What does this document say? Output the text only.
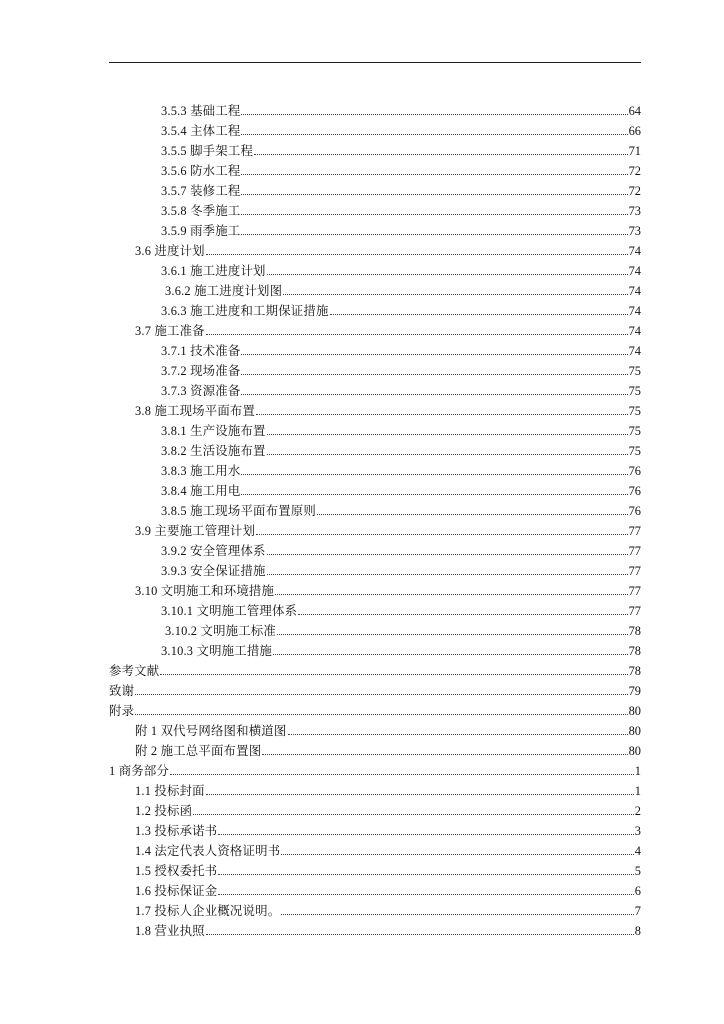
3.5.3 基础工程	64
3.5.4 主体工程	66
3.5.5 脚手架工程	71
3.5.6 防水工程	72
3.5.7 装修工程	72
3.5.8 冬季施工	73
3.5.9 雨季施工	73
3.6 进度计划	74
3.6.1 施工进度计划	74
3.6.2 施工进度计划图	74
3.6.3 施工进度和工期保证措施	74
3.7 施工准备	74
3.7.1 技术准备	74
3.7.2 现场准备	75
3.7.3 资源准备	75
3.8 施工现场平面布置	75
3.8.1 生产设施布置	75
3.8.2 生活设施布置	75
3.8.3 施工用水	76
3.8.4 施工用电	76
3.8.5 施工现场平面布置原则	76
3.9 主要施工管理计划	77
3.9.2 安全管理体系	77
3.9.3 安全保证措施	77
3.10 文明施工和环境措施	77
3.10.1 文明施工管理体系	77
3.10.2 文明施工标准	78
3.10.3 文明施工措施	78
参考文献	78
致谢	79
附录	80
附 1 双代号网络图和横道图	80
附 2 施工总平面布置图	80
1 商务部分	1
1.1 投标封面	1
1.2 投标函	2
1.3 投标承诺书	3
1.4 法定代表人资格证明书	4
1.5 授权委托书	5
1.6 投标保证金	6
1.7 投标人企业概况说明。	7
1.8 营业执照	8
